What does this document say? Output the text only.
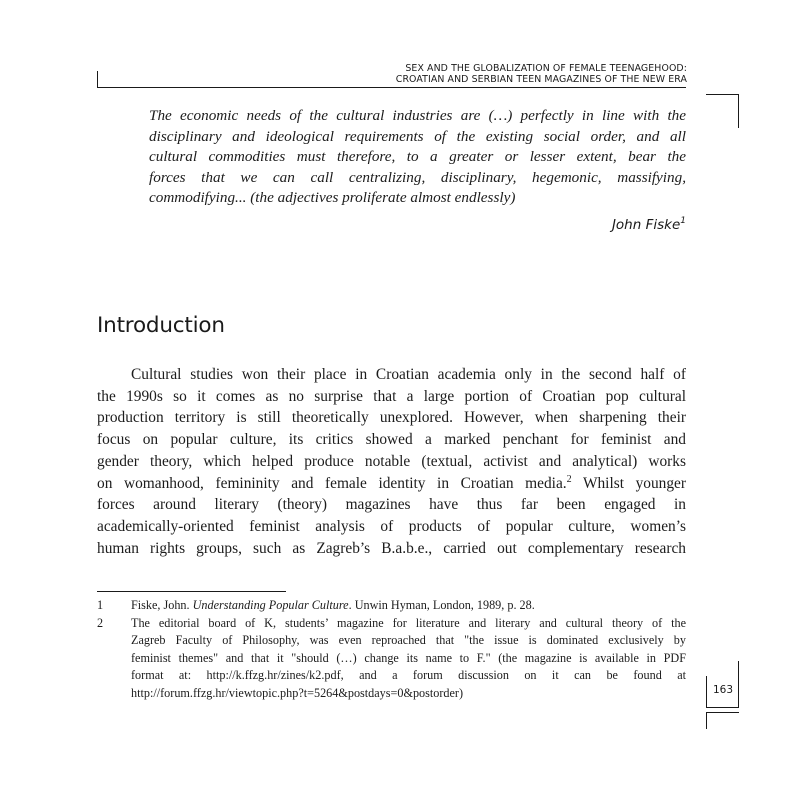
SEX AND THE GLOBALIZATION OF FEMALE TEENAGEHOOD:
CROATIAN AND SERBIAN TEEN MAGAZINES OF THE NEW ERA
The economic needs of the cultural industries are (…) perfectly in line with the
disciplinary and ideological requirements of the existing social order, and all
cultural commodities must therefore, to a greater or lesser extent, bear the
forces that we can call centralizing, disciplinary, hegemonic, massifying,
commodifying... (the adjectives proliferate almost endlessly)
John Fiske$^1$
Introduction
Cultural studies won their place in Croatian academia only in the second half of
the 1990s so it comes as no surprise that a large portion of Croatian pop cultural
production territory is still theoretically unexplored. However, when sharpening their
focus on popular culture, its critics showed a marked penchant for feminist and
gender theory, which helped produce notable (textual, activist and analytical) works
on womanhood, femininity and female identity in Croatian media.$^2$ Whilst younger
forces around literary (theory) magazines have thus far been engaged in
academically-oriented feminist analysis of products of popular culture, women’s
human rights groups, such as Zagreb’s B.a.b.e., carried out complementary research
1 Fiske, John. Understanding Popular Culture. Unwin Hyman, London, 1989, p. 28.
2 The editorial board of K, students’ magazine for literature and literary and cultural theory of the
Zagreb Faculty of Philosophy, was even reproached that "the issue is dominated exclusively by
feminist themes" and that it "should (…) change its name to F." (the magazine is available in PDF
format at: http://k.ffzg.hr/zines/k2.pdf, and a forum discussion on it can be found at
http://forum.ffzg.hr/viewtopic.php?t=5264&postdays=0&postorder)	163
